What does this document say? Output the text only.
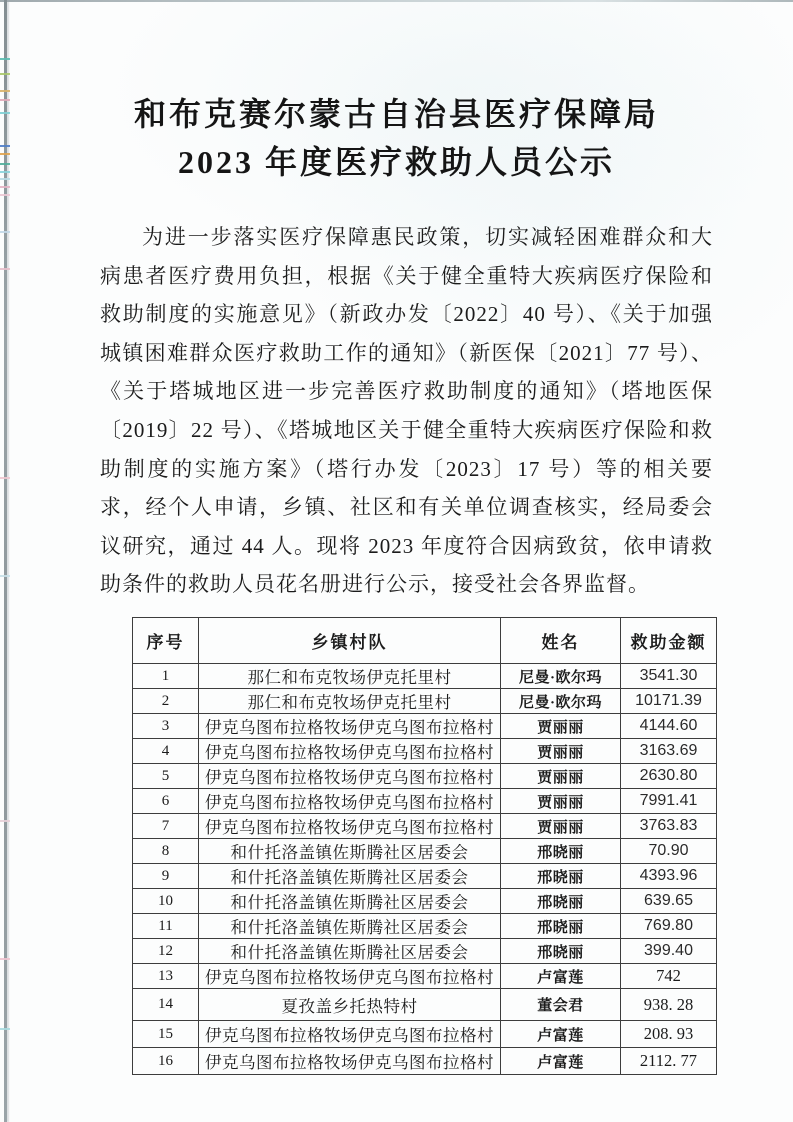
和布克赛尔蒙古自治县医疗保障局
2023 年度医疗救助人员公示

为进一步落实医疗保障惠民政策，切实减轻困难群众和大病患者医疗费用负担，根据《关于健全重特大疾病医疗保险和救助制度的实施意见》（新政办发〔2022〕40 号）、《关于加强城镇困难群众医疗救助工作的通知》（新医保〔2021〕77 号）、《关于塔城地区进一步完善医疗救助制度的通知》（塔地医保〔2019〕22 号）、《塔城地区关于健全重特大疾病医疗保险和救助制度的实施方案》（塔行办发〔2023〕17 号）等的相关要求，经个人申请，乡镇、社区和有关单位调查核实，经局委会议研究，通过 44 人。现将 2023 年度符合因病致贫，依申请救助条件的救助人员花名册进行公示，接受社会各界监督。

序号	乡镇村队	姓名	救助金额
1	那仁和布克牧场伊克托里村	尼曼·欧尔玛	3541.30
2	那仁和布克牧场伊克托里村	尼曼·欧尔玛	10171.39
3	伊克乌图布拉格牧场伊克乌图布拉格村	贾丽丽	4144.60
4	伊克乌图布拉格牧场伊克乌图布拉格村	贾丽丽	3163.69
5	伊克乌图布拉格牧场伊克乌图布拉格村	贾丽丽	2630.80
6	伊克乌图布拉格牧场伊克乌图布拉格村	贾丽丽	7991.41
7	伊克乌图布拉格牧场伊克乌图布拉格村	贾丽丽	3763.83
8	和什托洛盖镇佐斯腾社区居委会	邢晓丽	70.90
9	和什托洛盖镇佐斯腾社区居委会	邢晓丽	4393.96
10	和什托洛盖镇佐斯腾社区居委会	邢晓丽	639.65
11	和什托洛盖镇佐斯腾社区居委会	邢晓丽	769.80
12	和什托洛盖镇佐斯腾社区居委会	邢晓丽	399.40
13	伊克乌图布拉格牧场伊克乌图布拉格村	卢富莲	742
14	夏孜盖乡托热特村	董会君	938. 28
15	伊克乌图布拉格牧场伊克乌图布拉格村	卢富莲	208. 93
16	伊克乌图布拉格牧场伊克乌图布拉格村	卢富莲	2112. 77
